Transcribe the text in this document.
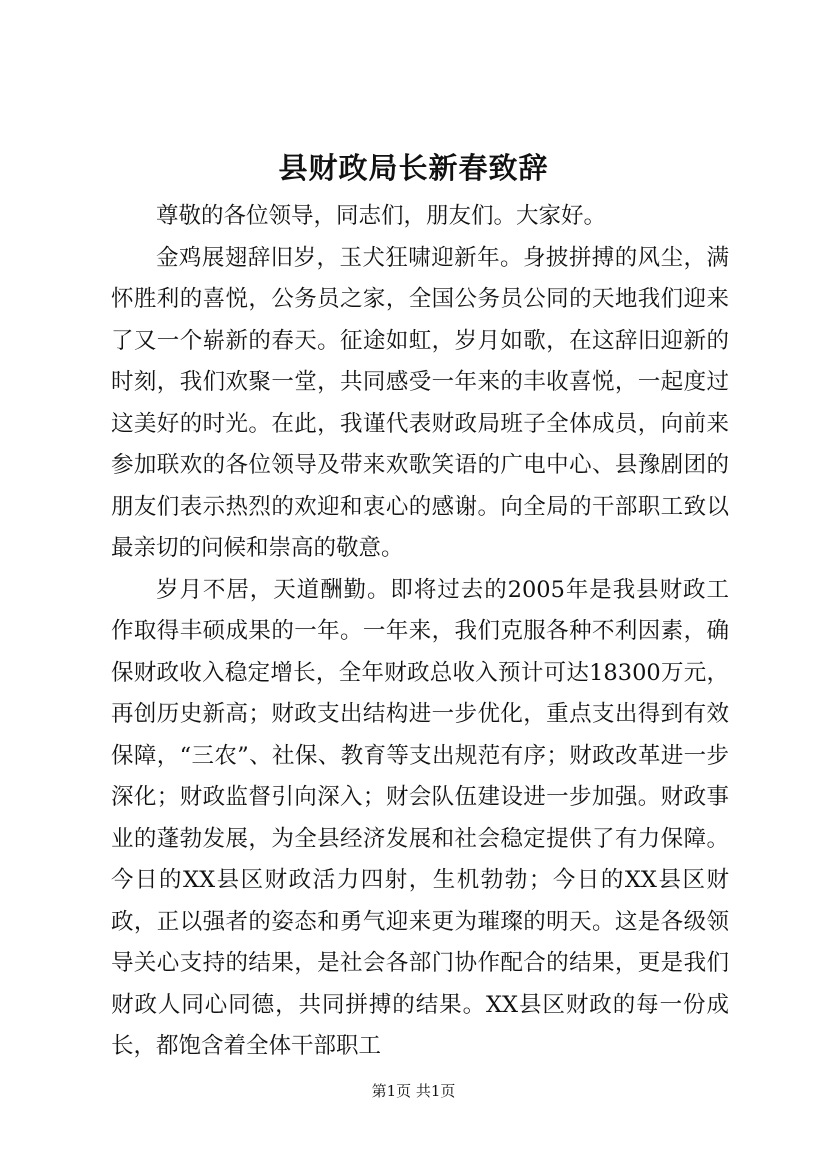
县财政局长新春致辞

尊敬的各位领导，同志们，朋友们。大家好。

金鸡展翅辞旧岁，玉犬狂啸迎新年。身披拼搏的风尘，满怀胜利的喜悦，公务员之家，全国公务员公同的天地我们迎来了又一个崭新的春天。征途如虹，岁月如歌，在这辞旧迎新的时刻，我们欢聚一堂，共同感受一年来的丰收喜悦，一起度过这美好的时光。在此，我谨代表财政局班子全体成员，向前来参加联欢的各位领导及带来欢歌笑语的广电中心、县豫剧团的朋友们表示热烈的欢迎和衷心的感谢。向全局的干部职工致以最亲切的问候和崇高的敬意。

岁月不居，天道酬勤。即将过去的2005年是我县财政工作取得丰硕成果的一年。一年来，我们克服各种不利因素，确保财政收入稳定增长，全年财政总收入预计可达18300万元，再创历史新高；财政支出结构进一步优化，重点支出得到有效保障，“三农”、社保、教育等支出规范有序；财政改革进一步深化；财政监督引向深入；财会队伍建设进一步加强。财政事业的蓬勃发展，为全县经济发展和社会稳定提供了有力保障。今日的XX县区财政活力四射，生机勃勃；今日的XX县区财政，正以强者的姿态和勇气迎来更为璀璨的明天。这是各级领导关心支持的结果，是社会各部门协作配合的结果，更是我们财政人同心同德，共同拼搏的结果。XX县区财政的每一份成长，都饱含着全体干部职工

第1页 共1页
